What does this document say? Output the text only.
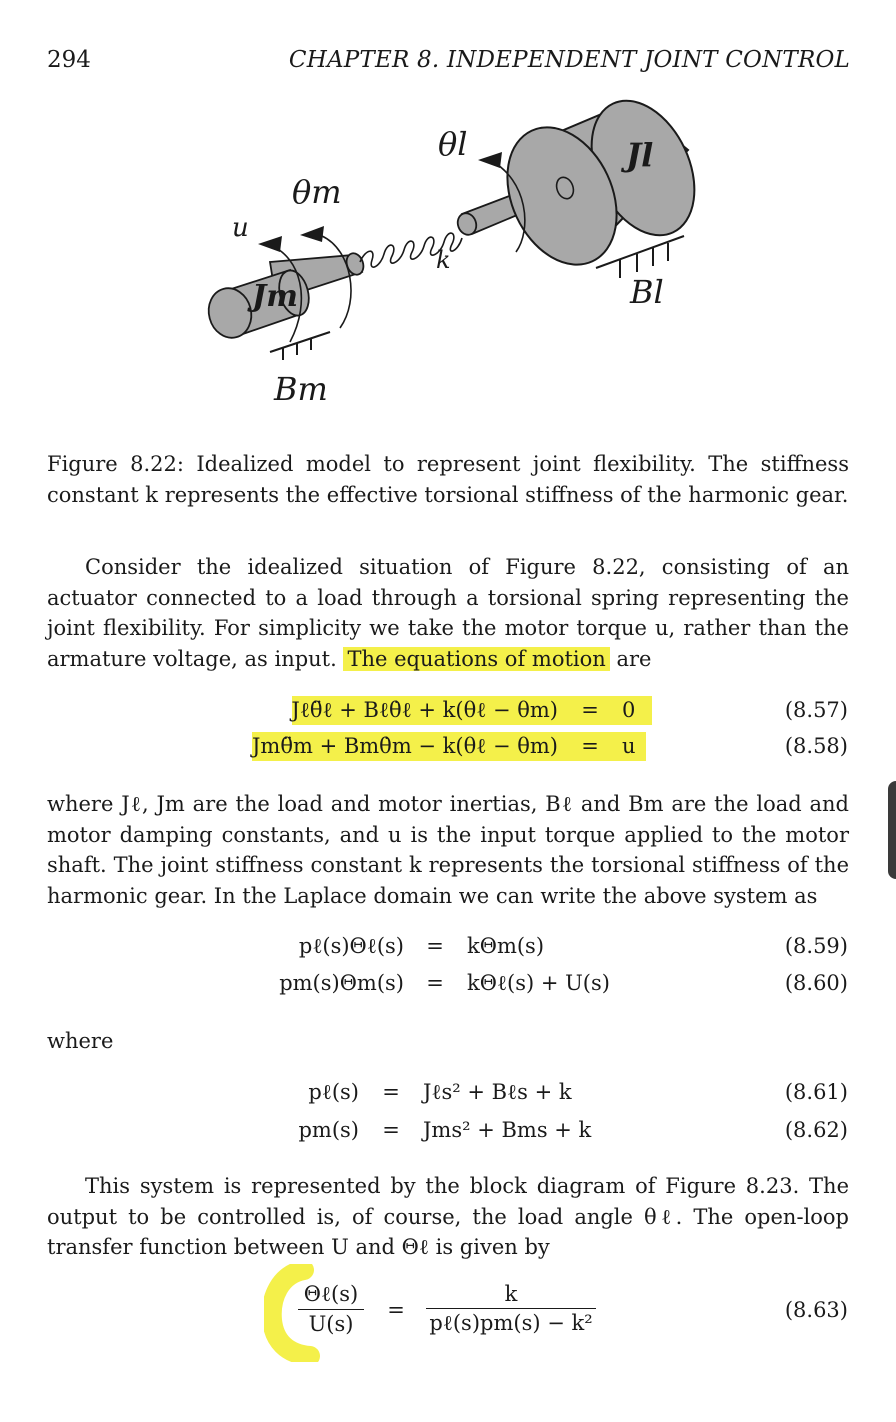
294	CHAPTER 8. INDEPENDENT JOINT CONTROL
θl
θm
u
k
Jl
Jm	Bl
Bm
Figure 8.22: Idealized model to represent joint flexibility. The stiffness constant k represents the effective torsional stiffness of the harmonic gear.

Consider the idealized situation of Figure 8.22, consisting of an actuator connected to a load through a torsional spring representing the joint flexibility. For simplicity we take the motor torque u, rather than the armature voltage, as input. The equations of motion are

Jℓθ̈ℓ + Bℓθ̇ℓ + k(θℓ − θm) = 0	(8.57)
Jmθ̈m + Bmθ̇m − k(θℓ − θm) = u	(8.58)
where Jℓ, Jm are the load and motor inertias, Bℓ and Bm are the load and motor damping constants, and u is the input torque applied to the motor shaft. The joint stiffness constant k represents the torsional stiffness of the harmonic gear. In the Laplace domain we can write the above system as
pℓ(s)Θℓ(s) = kΘm(s)	(8.59)
pm(s)Θm(s) = kΘℓ(s) + U(s)	(8.60)
where
pℓ(s) = Jℓs² + Bℓs + k	(8.61)
pm(s) = Jms² + Bms + k	(8.62)

This system is represented by the block diagram of Figure 8.23. The output to be controlled is, of course, the load angle θℓ. The open-loop transfer function between U and Θℓ is given by

Θℓ(s)
U(s)
=
k
pℓ(s)pm(s) − k²
(8.63)
